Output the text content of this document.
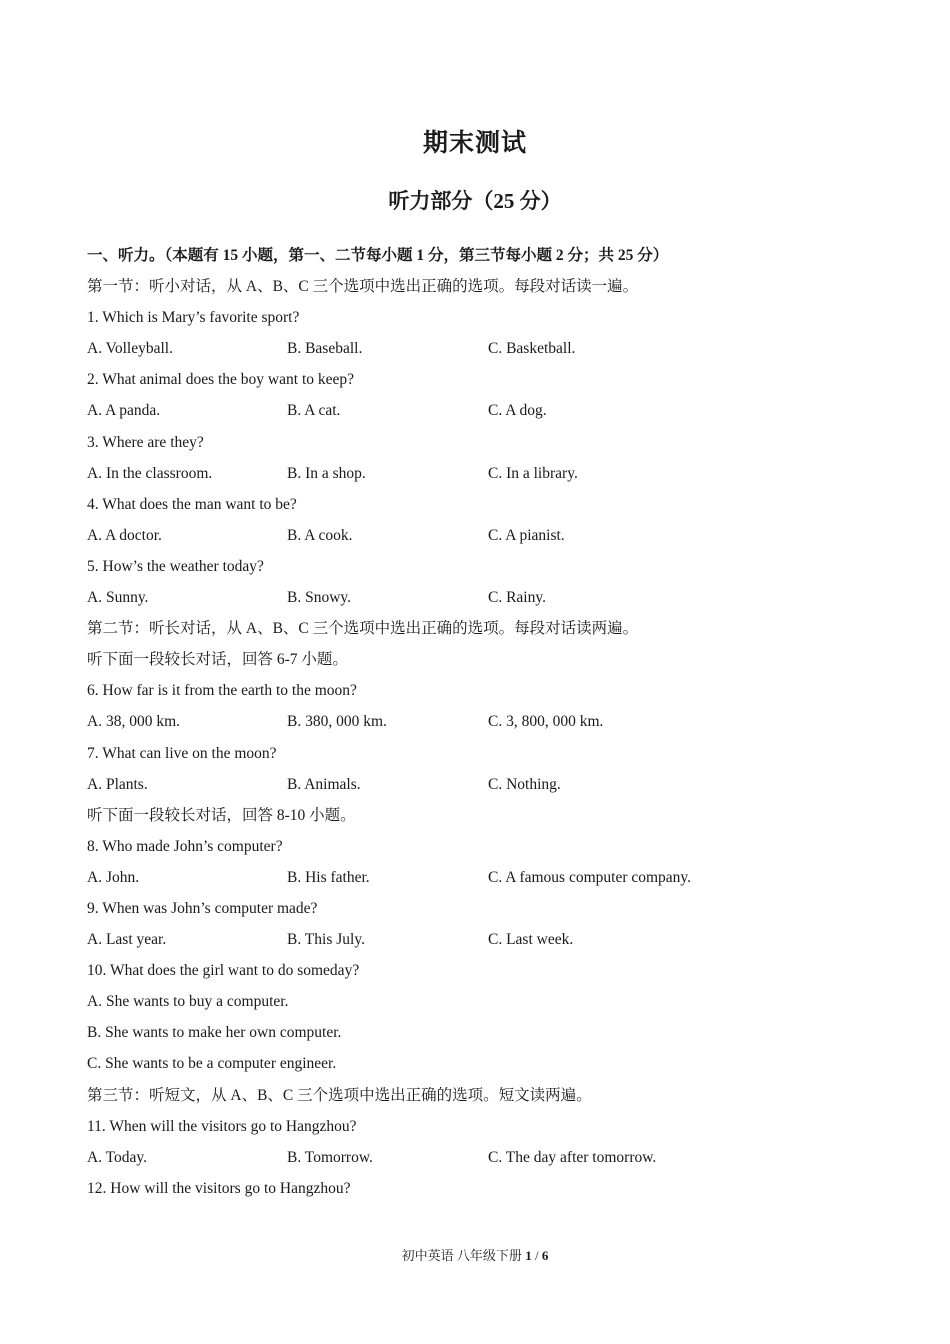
期末测试
听力部分（25 分）
一、听力。（本题有 15 小题，第一、二节每小题 1 分，第三节每小题 2 分；共 25 分）
第一节：听小对话，从 A、B、C 三个选项中选出正确的选项。每段对话读一遍。
1. Which is Mary’s favorite sport?
A. Volleyball.	B. Baseball.	C. Basketball.
2. What animal does the boy want to keep?
A. A panda.	B. A cat.	C. A dog.
3. Where are they?
A. In the classroom.	B. In a shop.	C. In a library.
4. What does the man want to be?
A. A doctor.	B. A cook.	C. A pianist.
5. How’s the weather today?
A. Sunny.	B. Snowy.	C. Rainy.
第二节：听长对话，从 A、B、C 三个选项中选出正确的选项。每段对话读两遍。
听下面一段较长对话，回答 6-7 小题。
6. How far is it from the earth to the moon?
A. 38, 000 km.	B. 380, 000 km.	C. 3, 800, 000 km.
7. What can live on the moon?
A. Plants.	B. Animals.	C. Nothing.
听下面一段较长对话，回答 8-10 小题。
8. Who made John’s computer?
A. John.	B. His father.	C. A famous computer company.
9. When was John’s computer made?
A. Last year.	B. This July.	C. Last week.
10. What does the girl want to do someday?
A. She wants to buy a computer.
B. She wants to make her own computer.
C. She wants to be a computer engineer.
第三节：听短文，从 A、B、C 三个选项中选出正确的选项。短文读两遍。
11. When will the visitors go to Hangzhou?
A. Today.	B. Tomorrow.	C. The day after tomorrow.
12. How will the visitors go to Hangzhou?
初中英语 八年级下册 1 / 6
